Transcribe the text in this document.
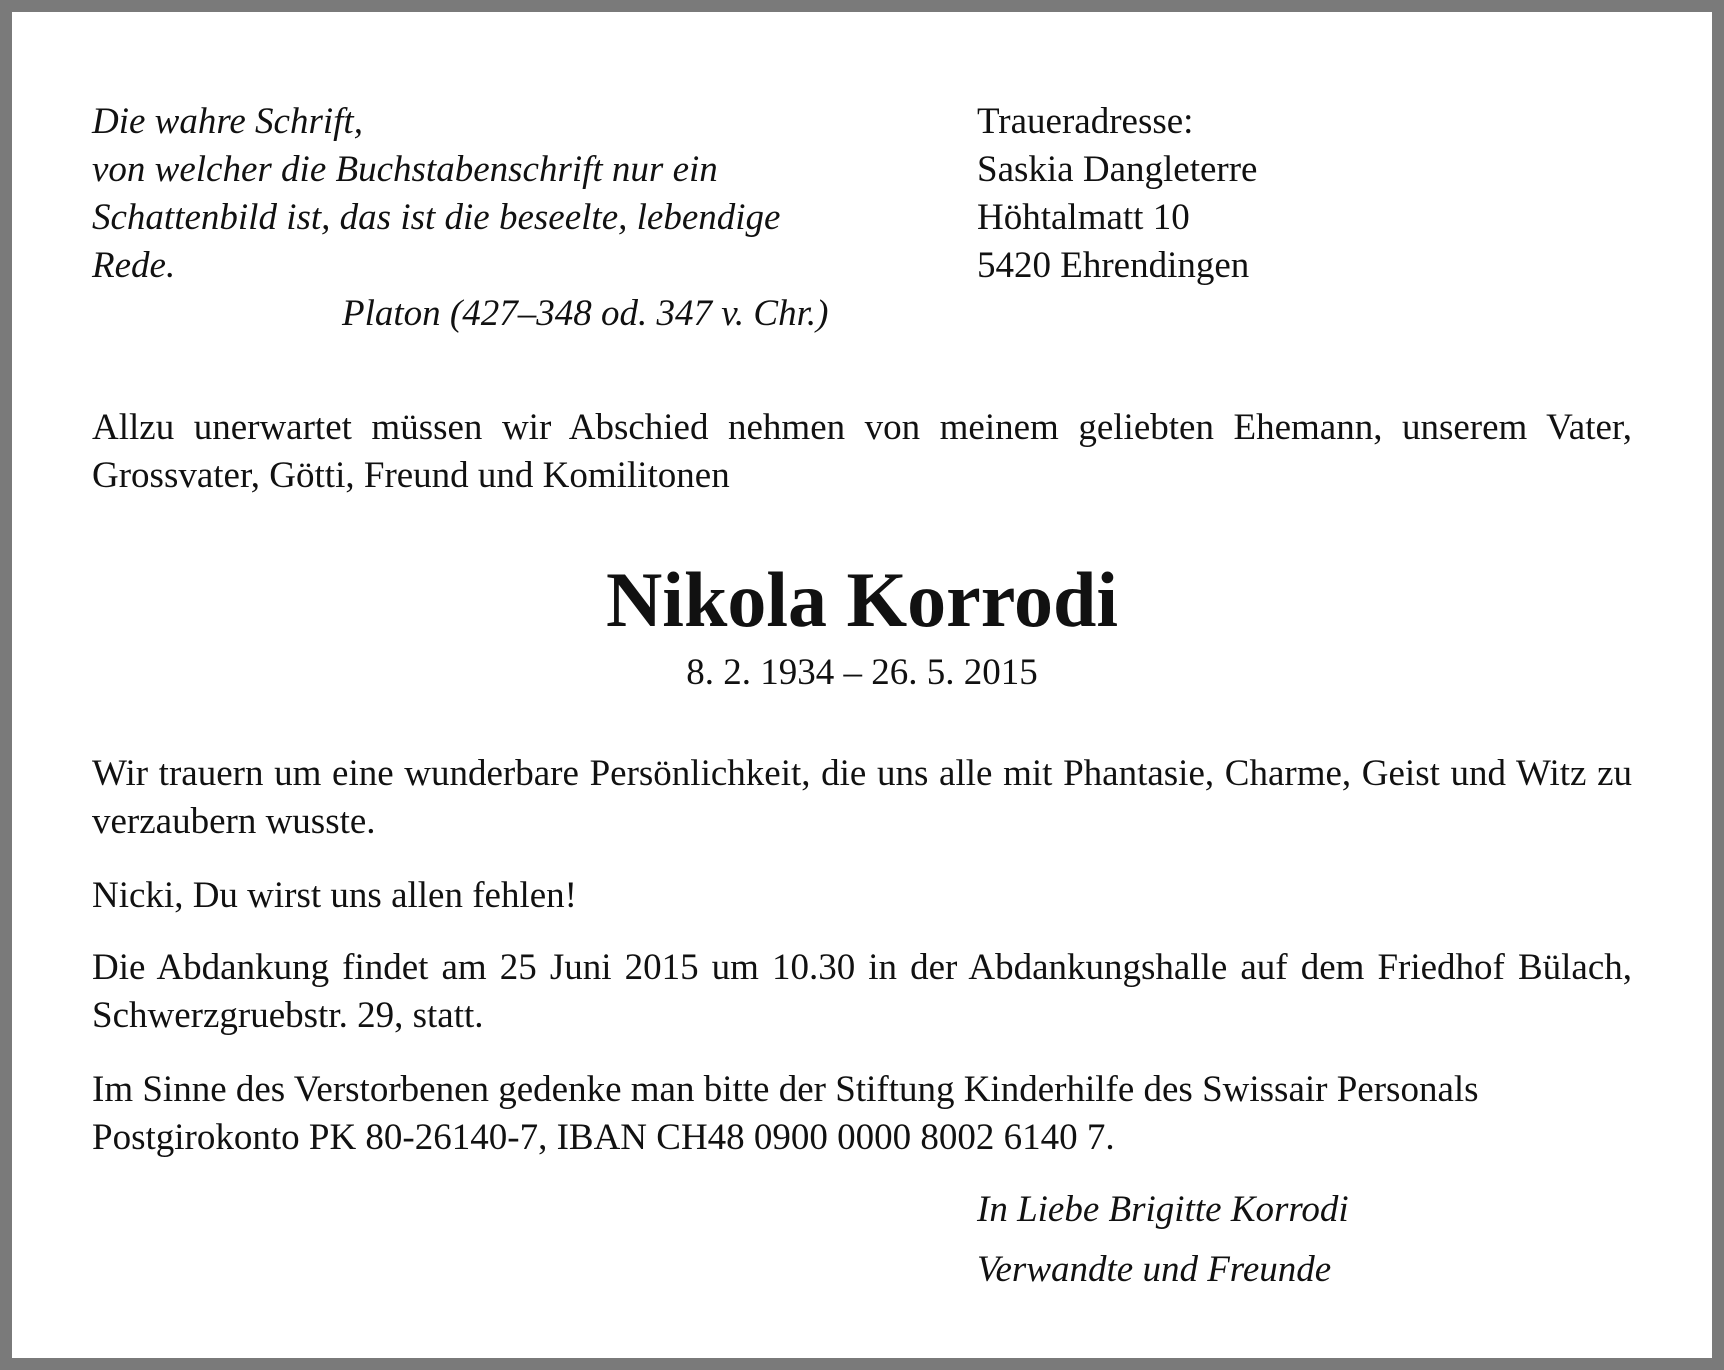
Die wahre Schrift,
von welcher die Buchstabenschrift nur ein
Schattenbild ist, das ist die beseelte, lebendige
Rede.
Platon (427–348 od. 347 v. Chr.)
Traueradresse:
Saskia Dangleterre
Höhtalmatt 10
5420 Ehrendingen

Allzu unerwartet müssen wir Abschied nehmen von meinem geliebten Ehemann, unserem Vater, Grossvater, Götti, Freund und Komilitonen

Nikola Korrodi
8. 2. 1934 – 26. 5. 2015

Wir trauern um eine wunderbare Persönlichkeit, die uns alle mit Phantasie, Charme, Geist und Witz zu verzaubern wusste.

Nicki, Du wirst uns allen fehlen!

Die Abdankung findet am 25 Juni 2015 um 10.30 in der Abdankungshalle auf dem Friedhof Bülach, Schwerzgruebstr. 29, statt.

Im Sinne des Verstorbenen gedenke man bitte der Stiftung Kinderhilfe des Swissair Personals
Postgirokonto PK 80-26140-7, IBAN CH48 0900 0000 8002 6140 7.

In Liebe Brigitte Korrodi
Verwandte und Freunde
